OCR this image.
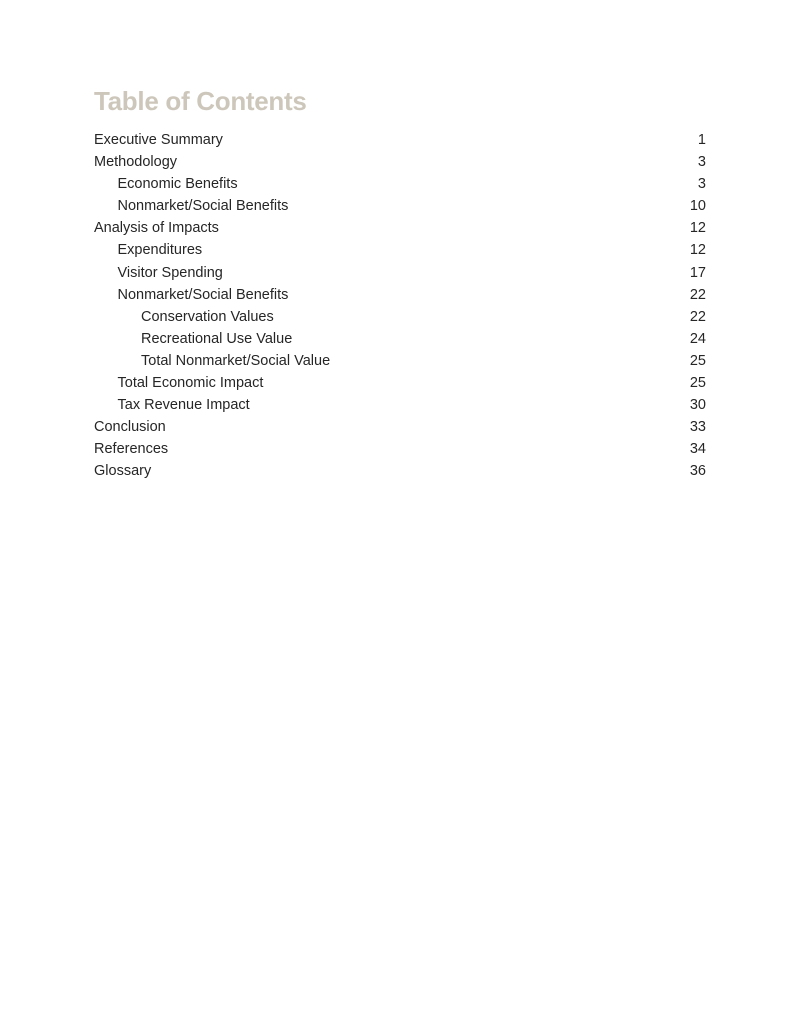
Table of Contents
Executive Summary	1
Methodology	3
Economic Benefits	3
Nonmarket/Social Benefits	10
Analysis of Impacts	12
Expenditures	12
Visitor Spending	17
Nonmarket/Social Benefits	22
Conservation Values	22
Recreational Use Value	24
Total Nonmarket/Social Value	25
Total Economic Impact	25
Tax Revenue Impact	30
Conclusion	33
References	34
Glossary	36
